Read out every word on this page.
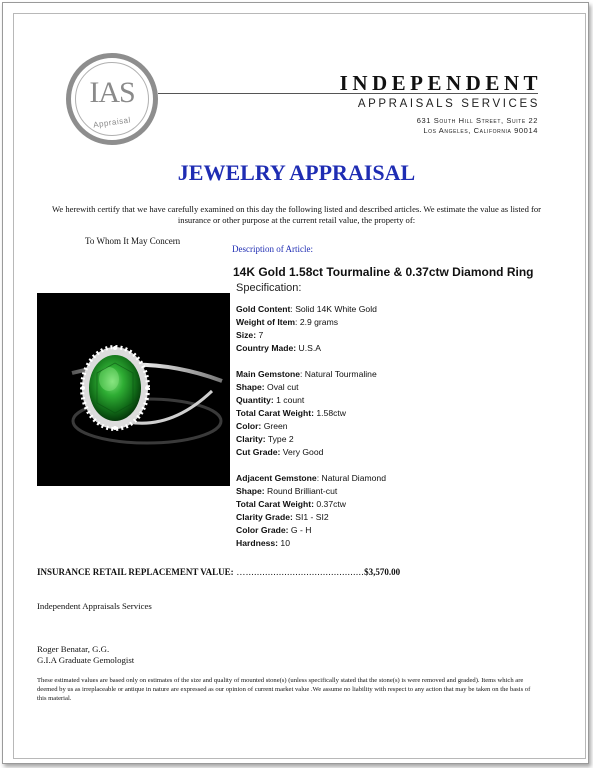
IAS
Appraisal
INDEPENDENT
APPRAISALS SERVICES
631 South Hill Street, Suite 22
Los Angeles, California 90014
JEWELRY APPRAISAL
We herewith certify that we have carefully examined on this day the following listed and described articles. We estimate the value as listed for insurance or other purpose at the current retail value, the property of:
To Whom It May Concern
Description of Article:
14K Gold 1.58ct Tourmaline & 0.37ctw Diamond Ring
Specification:
Gold Content: Solid 14K White Gold
Weight of Item: 2.9 grams
Size: 7
Country Made: U.S.A
Main Gemstone: Natural Tourmaline
Shape: Oval cut
Quantity: 1 count
Total Carat Weight: 1.58ctw
Color: Green
Clarity: Type 2
Cut Grade: Very Good
Adjacent Gemstone: Natural Diamond
Shape: Round Brilliant-cut
Total Carat Weight: 0.37ctw
Clarity Grade: SI1 - SI2
Color Grade: G - H
Hardness: 10
INSURANCE RETAIL REPLACEMENT VALUE: …...........................................$3,570.00
Independent Appraisals Services
Roger Benatar, G.G.
G.I.A Graduate Gemologist
These estimated values are based only on estimates of the size and quality of mounted stone(s) (unless specifically stated that the stone(s) is were removed and graded). Items which are deemed by us as irreplaceable or antique in nature are expressed as our opinion of current market value .We assume no liability with respect to any action that may be taken on the basis of this material.
